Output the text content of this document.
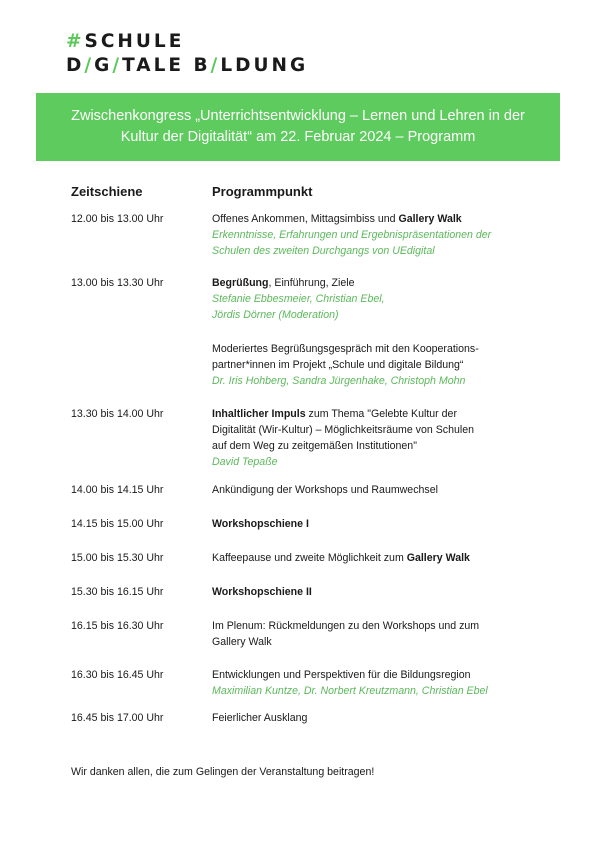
#SCHULE
D/G/TALE B/LDUNG
Zwischenkongress „Unterrichtsentwicklung – Lernen und Lehren in der
Kultur der Digitalität“ am 22. Februar 2024 – Programm
Zeitschiene	Programmpunkt
12.00 bis 13.00 Uhr	Offenes Ankommen, Mittagsimbiss und Gallery Walk
Erkenntnisse, Erfahrungen und Ergebnispräsentationen der
Schulen des zweiten Durchgangs von UEdigital
13.00 bis 13.30 Uhr	Begrüßung, Einführung, Ziele
Stefanie Ebbesmeier, Christian Ebel,
Jördis Dörner (Moderation)
Moderiertes Begrüßungsgespräch mit den Kooperations-
partner*innen im Projekt „Schule und digitale Bildung“
Dr. Iris Hohberg, Sandra Jürgenhake, Christoph Mohn
13.30 bis 14.00 Uhr	Inhaltlicher Impuls zum Thema "Gelebte Kultur der
Digitalität (Wir-Kultur) – Möglichkeitsräume von Schulen
auf dem Weg zu zeitgemäßen Institutionen"
David Tepaße
14.00 bis 14.15 Uhr	Ankündigung der Workshops und Raumwechsel
14.15 bis 15.00 Uhr	Workshopschiene I
15.00 bis 15.30 Uhr	Kaffeepause und zweite Möglichkeit zum Gallery Walk
15.30 bis 16.15 Uhr	Workshopschiene II
16.15 bis 16.30 Uhr	Im Plenum: Rückmeldungen zu den Workshops und zum
Gallery Walk
16.30 bis 16.45 Uhr	Entwicklungen und Perspektiven für die Bildungsregion
Maximilian Kuntze, Dr. Norbert Kreutzmann, Christian Ebel
16.45 bis 17.00 Uhr	Feierlicher Ausklang
Wir danken allen, die zum Gelingen der Veranstaltung beitragen!
